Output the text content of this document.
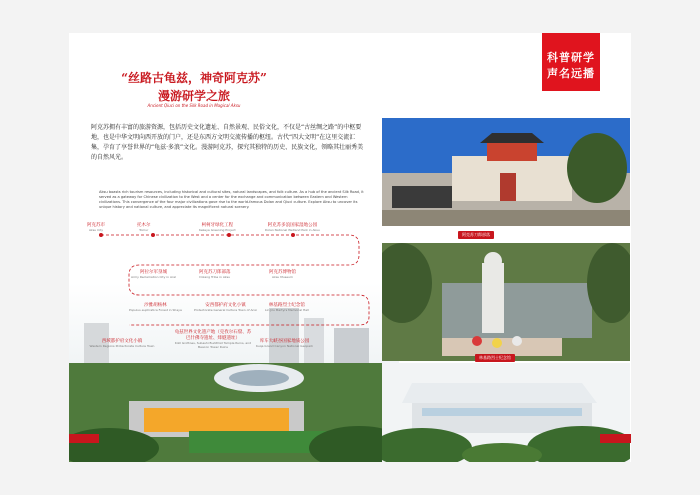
科普研学
声名远播
“丝路古龟兹，神奇阿克苏”
漫游研学之旅
Ancient Qiuci on the Silk Road in Magical Aksu
阿克苏拥有丰富的旅游资源，包括历史文化遗址、自然景观、民俗文化，不仅是“古丝绸之路”的中枢要地，也是中华文明向西开放的门户，还是东西方文明交流传播的枢纽。古代“四大文明”在这里交流汇集，孕育了享誉世界的“龟兹·多浪”文化。漫游阿克苏，探究其独特的历史、民族文化，领略其壮丽秀美的自然风光。
Aksu boasts rich tourism resources, including historical and cultural sites, natural landscapes, and folk culture. As a hub of the ancient Silk Road, it served as a gateway for Chinese civilization to the West and a center for the exchange and communication between Eastern and Western civilizations. This convergence of the four major civilizations gave rise to the world-famous Dolan and Qiuci culture. Explore Aksu to uncover its unique history and national culture, and appreciate its magnificent natural scenery.
阿克苏市
Aksu City
托木尔
Tomur
柯柯牙绿化工程
Kekeya Greening Project
阿克苏多浪国家湿地公园
Dolan National Wetland Park in Aksu
阿克苏博物馆
Aksu Museum
阿克苏刀郎部落
Dolang Tribe in Aksu
阿拉尔军垦城
Army Reclamation City in Aral
沙雅胡杨林
Populus euphratica Forest in Shaya
安西都护府文化小镇
Protectorate General Culture Town of Anxi
林基路烈士纪念馆
Lin Jilu Martyrs Memorial Hall
龟兹世界文化遗产地（克孜尔石窟、苏巴什佛寺遗址、烽燧遗址）
Kizil Grottoes, Subashi Buddhist Temple Ruins, and Beacon Tower Ruins
西域都护府文化小镇
Western Regions Protectorate Culture Town
库车大峡谷国家地质公园
Kuqa Grand Canyon National Geopark
阿克苏刀郎部落
林基路烈士纪念馆
